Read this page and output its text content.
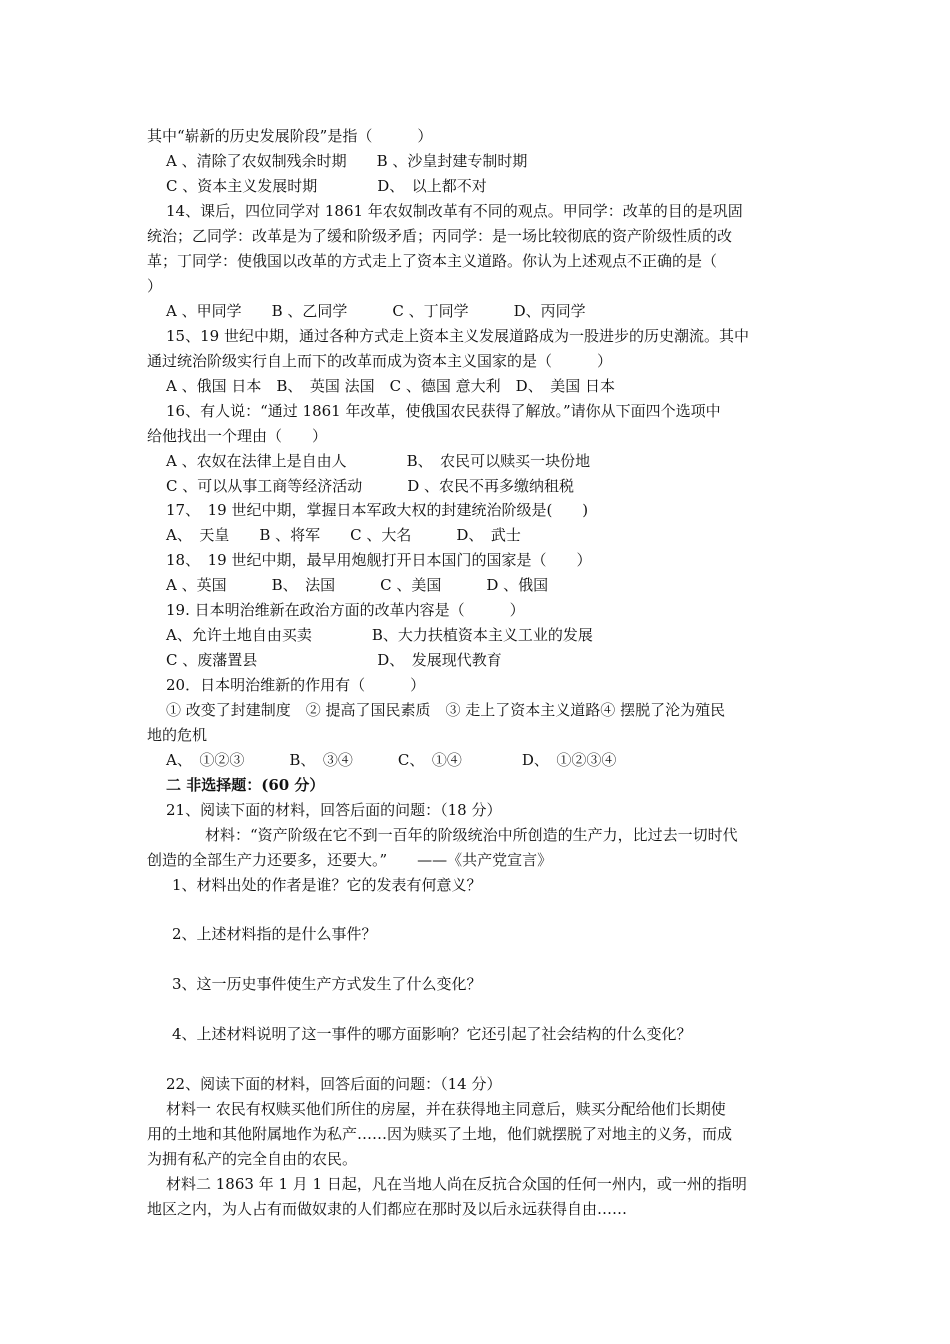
其中“崭新的历史发展阶段”是指（　　　）
A 、清除了农奴制残余时期　　B 、沙皇封建专制时期
C 、资本主义发展时期　　　　D、　以上都不对
14、课后，四位同学对 1861 年农奴制改革有不同的观点。甲同学：改革的目的是巩固
统治；乙同学：改革是为了缓和阶级矛盾；丙同学：是一场比较彻底的资产阶级性质的改
革；丁同学：使俄国以改革的方式走上了资本主义道路。你认为上述观点不正确的是（
）
A 、甲同学　　B 、乙同学　　　C 、丁同学　　　D、丙同学
15、19 世纪中期，通过各种方式走上资本主义发展道路成为一股进步的历史潮流。其中
通过统治阶级实行自上而下的改革而成为资本主义国家的是（　　　）
A 、俄国 日本　B、　英国 法国　C 、德国 意大利　D、　美国 日本
16、有人说：“通过 1861 年改革，使俄国农民获得了解放。”请你从下面四个选项中
给他找出一个理由（　　）
A 、农奴在法律上是自由人　　　　B、　农民可以赎买一块份地
C 、可以从事工商等经济活动　　　D 、农民不再多缴纳租税
17、　19 世纪中期，掌握日本军政大权的封建统治阶级是(　　)
A、　天皇　　B 、将军　　C 、大名　　　D、　武士
18、　19 世纪中期，最早用炮舰打开日本国门的国家是（　　）
A 、英国　　　B、　法国　　　C 、美国　　　D 、俄国
19. 日本明治维新在政治方面的改革内容是（　　　）
A、允许土地自由买卖　　　　B、大力扶植资本主义工业的发展
C 、废藩置县　　　　　　　　D、　发展现代教育
20．日本明治维新的作用有（　　　）
① 改变了封建制度　② 提高了国民素质　③ 走上了资本主义道路④ 摆脱了沦为殖民
地的危机
A、　①②③　　　B、　③④　　　C、　①④　　　　D、　①②③④
二 非选择题：(60 分）
21、阅读下面的材料，回答后面的问题：（18 分）
材料：“资产阶级在它不到一百年的阶级统治中所创造的生产力，比过去一切时代
创造的全部生产力还要多，还要大。”　　——《共产党宣言》
1、材料出处的作者是谁？它的发表有何意义？
2、上述材料指的是什么事件？
3、这一历史事件使生产方式发生了什么变化？
4、上述材料说明了这一事件的哪方面影响？它还引起了社会结构的什么变化？
22、阅读下面的材料，回答后面的问题：（14 分）
材料一 农民有权赎买他们所住的房屋，并在获得地主同意后，赎买分配给他们长期使
用的土地和其他附属地作为私产……因为赎买了土地，他们就摆脱了对地主的义务，而成
为拥有私产的完全自由的农民。
材料二 1863 年 1 月 1 日起，凡在当地人尚在反抗合众国的任何一州内，或一州的指明
地区之内，为人占有而做奴隶的人们都应在那时及以后永远获得自由……
